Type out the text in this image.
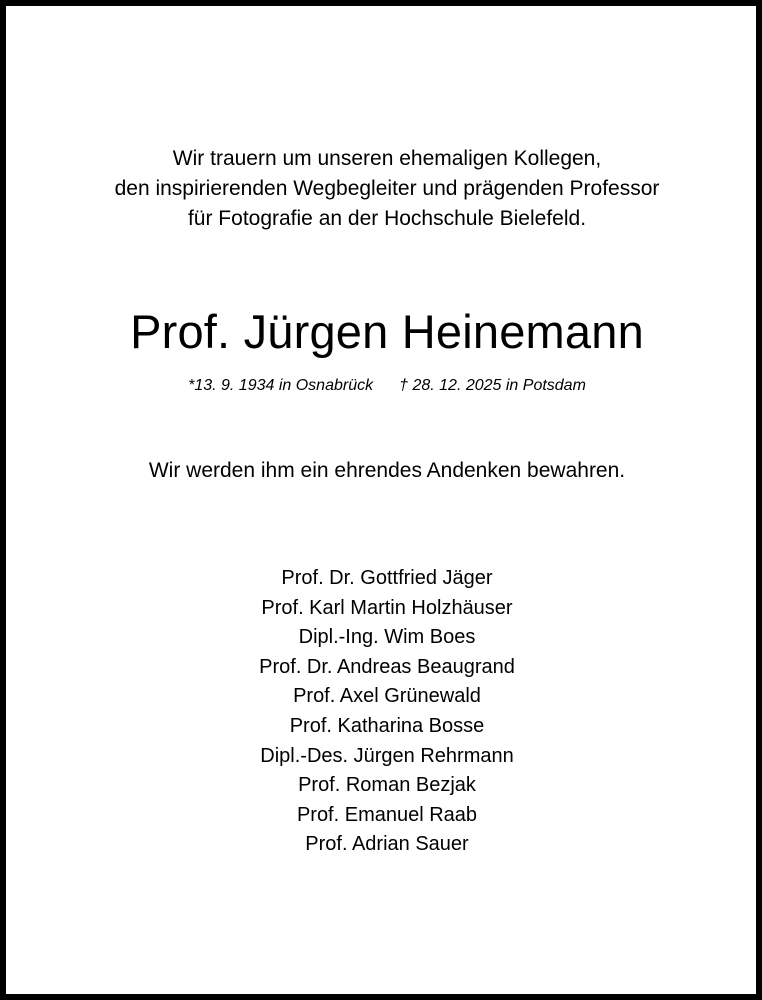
Wir trauern um unseren ehemaligen Kollegen,
den inspirierenden Wegbegleiter und prägenden Professor
für Fotografie an der Hochschule Bielefeld.
Prof. Jürgen Heinemann
*13. 9. 1934 in Osnabrück † 28. 12. 2025 in Potsdam
Wir werden ihm ein ehrendes Andenken bewahren.
Prof. Dr. Gottfried Jäger
Prof. Karl Martin Holzhäuser
Dipl.-Ing. Wim Boes
Prof. Dr. Andreas Beaugrand
Prof. Axel Grünewald
Prof. Katharina Bosse
Dipl.-Des. Jürgen Rehrmann
Prof. Roman Bezjak
Prof. Emanuel Raab
Prof. Adrian Sauer
